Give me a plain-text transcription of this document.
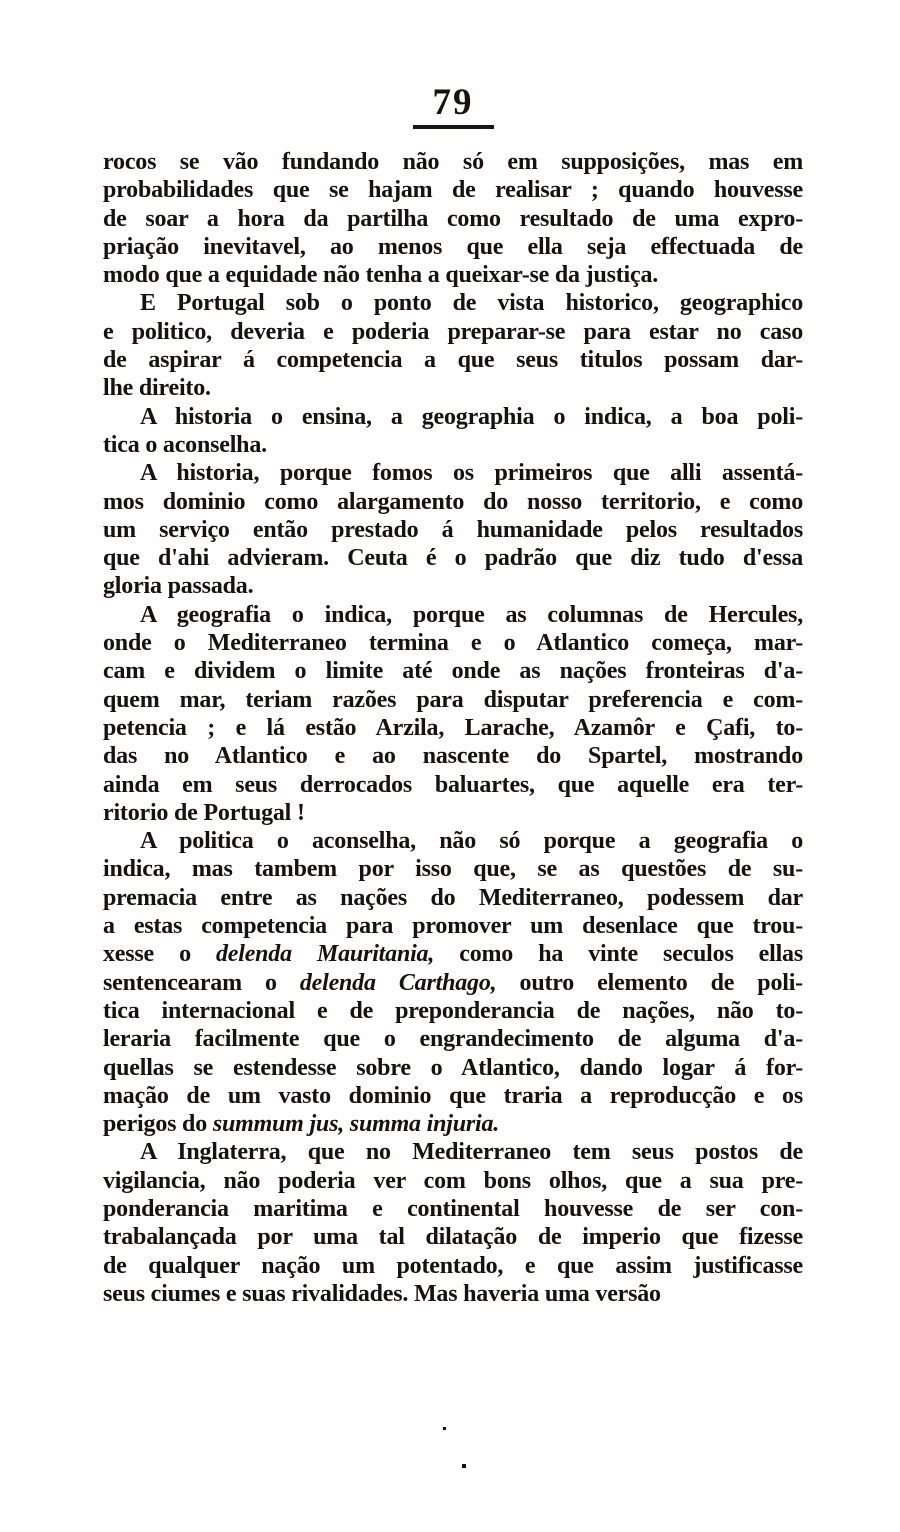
79
rocos se vão fundando não só em supposições, mas em
probabilidades que se hajam de realisar ; quando houvesse
de soar a hora da partilha como resultado de uma expro-
priação inevitavel, ao menos que ella seja effectuada de
modo que a equidade não tenha a queixar-se da justiça.
E Portugal sob o ponto de vista historico, geographico
e politico, deveria e poderia preparar-se para estar no caso
de aspirar á competencia a que seus titulos possam dar-
lhe direito.
A historia o ensina, a geographia o indica, a boa poli-
tica o aconselha.
A historia, porque fomos os primeiros que alli assentá-
mos dominio como alargamento do nosso territorio, e como
um serviço então prestado á humanidade pelos resultados
que d'ahi advieram. Ceuta é o padrão que diz tudo d'essa
gloria passada.
A geografia o indica, porque as columnas de Hercules,
onde o Mediterraneo termina e o Atlantico começa, mar-
cam e dividem o limite até onde as nações fronteiras d'a-
quem mar, teriam razões para disputar preferencia e com-
petencia ; e lá estão Arzila, Larache, Azamôr e Çafi, to-
das no Atlantico e ao nascente do Spartel, mostrando
ainda em seus derrocados baluartes, que aquelle era ter-
ritorio de Portugal !
A politica o aconselha, não só porque a geografia o
indica, mas tambem por isso que, se as questões de su-
premacia entre as nações do Mediterraneo, podessem dar
a estas competencia para promover um desenlace que trou-
xesse o delenda Mauritania, como ha vinte seculos ellas
sentencearam o delenda Carthago, outro elemento de poli-
tica internacional e de preponderancia de nações, não to-
leraria facilmente que o engrandecimento de alguma d'a-
quellas se estendesse sobre o Atlantico, dando logar á for-
mação de um vasto dominio que traria a reproducção e os
perigos do summum jus, summa injuria.
A Inglaterra, que no Mediterraneo tem seus postos de
vigilancia, não poderia ver com bons olhos, que a sua pre-
ponderancia maritima e continental houvesse de ser con-
trabalançada por uma tal dilatação de imperio que fizesse
de qualquer nação um potentado, e que assim justificasse
seus ciumes e suas rivalidades. Mas haveria uma versão
